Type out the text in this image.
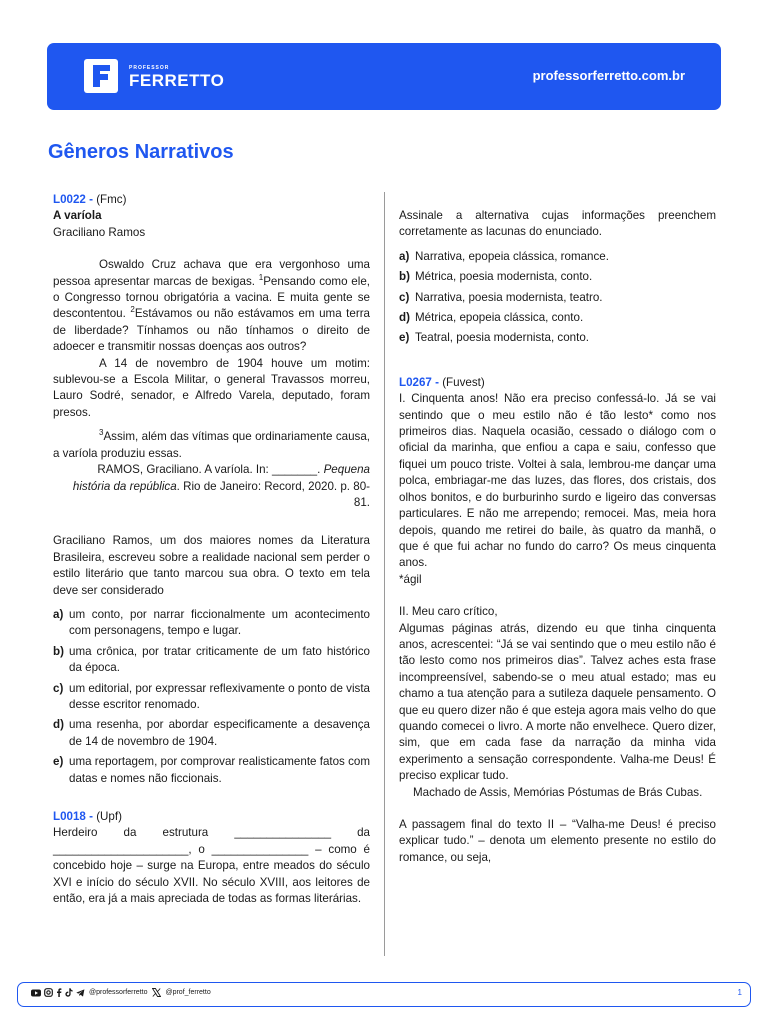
PROFESSOR
FERRETTO	professorferretto.com.br
Gêneros Narrativos

L0022 - (Fmc)

A varíola

Graciliano Ramos

Oswaldo Cruz achava que era vergonhoso uma pessoa apresentar marcas de bexigas. $^1$Pensando como ele, o Congresso tornou obrigatória a vacina. E muita gente se descontentou. $^2$Estávamos ou não estávamos em uma terra de liberdade? Tínhamos ou não tínhamos o direito de adoecer e transmitir nossas doenças aos outros?

A 14 de novembro de 1904 houve um motim: sublevou-se a Escola Militar, o general Travassos morreu, Lauro Sodré, senador, e Alfredo Varela, deputado, foram presos.

$^3$Assim, além das vítimas que ordinariamente causa, a varíola produziu essas.

RAMOS, Graciliano. A varíola. In: _______. Pequena história da república. Rio de Janeiro: Record, 2020. p. 80-81.

Graciliano Ramos, um dos maiores nomes da Literatura Brasileira, escreveu sobre a realidade nacional sem perder o estilo literário que tanto marcou sua obra. O texto em tela deve ser considerado

a) um conto, por narrar ficcionalmente um acontecimento com personagens, tempo e lugar.
b) uma crônica, por tratar criticamente de um fato histórico da época.
c) um editorial, por expressar reflexivamente o ponto de vista desse escritor renomado.
d) uma resenha, por abordar especificamente a desavença de 14 de novembro de 1904.
e) uma reportagem, por comprovar realisticamente fatos com datas e nomes não ficcionais.

L0018 - (Upf)

Herdeiro da estrutura _______________ da _____________________, o _______________ – como é concebido hoje – surge na Europa, entre meados do século XVI e início do século XVII. No século XVIII, aos leitores de então, era já a mais apreciada de todas as formas literárias.

Assinale a alternativa cujas informações preenchem corretamente as lacunas do enunciado.

a) Narrativa, epopeia clássica, romance.
b) Métrica, poesia modernista, conto.
c) Narrativa, poesia modernista, teatro.
d) Métrica, epopeia clássica, conto.
e) Teatral, poesia modernista, conto.

L0267 - (Fuvest)

I. Cinquenta anos! Não era preciso confessá-lo. Já se vai sentindo que o meu estilo não é tão lesto* como nos primeiros dias. Naquela ocasião, cessado o diálogo com o oficial da marinha, que enfiou a capa e saiu, confesso que fiquei um pouco triste. Voltei à sala, lembrou-me dançar uma polca, embriagar-me das luzes, das flores, dos cristais, dos olhos bonitos, e do burburinho surdo e ligeiro das conversas particulares. E não me arrependo; remocei. Mas, meia hora depois, quando me retirei do baile, às quatro da manhã, o que é que fui achar no fundo do carro? Os meus cinquenta anos.

*ágil

II. Meu caro crítico,

Algumas páginas atrás, dizendo eu que tinha cinquenta anos, acrescentei: “Já se vai sentindo que o meu estilo não é tão lesto como nos primeiros dias”. Talvez aches esta frase incompreensível, sabendo-se o meu atual estado; mas eu chamo a tua atenção para a sutileza daquele pensamento. O que eu quero dizer não é que esteja agora mais velho do que quando comecei o livro. A morte não envelhece. Quero dizer, sim, que em cada fase da narração da minha vida experimento a sensação correspondente. Valha-me Deus! É preciso explicar tudo.

Machado de Assis, Memórias Póstumas de Brás Cubas.

A passagem final do texto II – “Valha-me Deus! é preciso explicar tudo.” – denota um elemento presente no estilo do romance, ou seja,

@professorferretto	@prof_ferretto	1
